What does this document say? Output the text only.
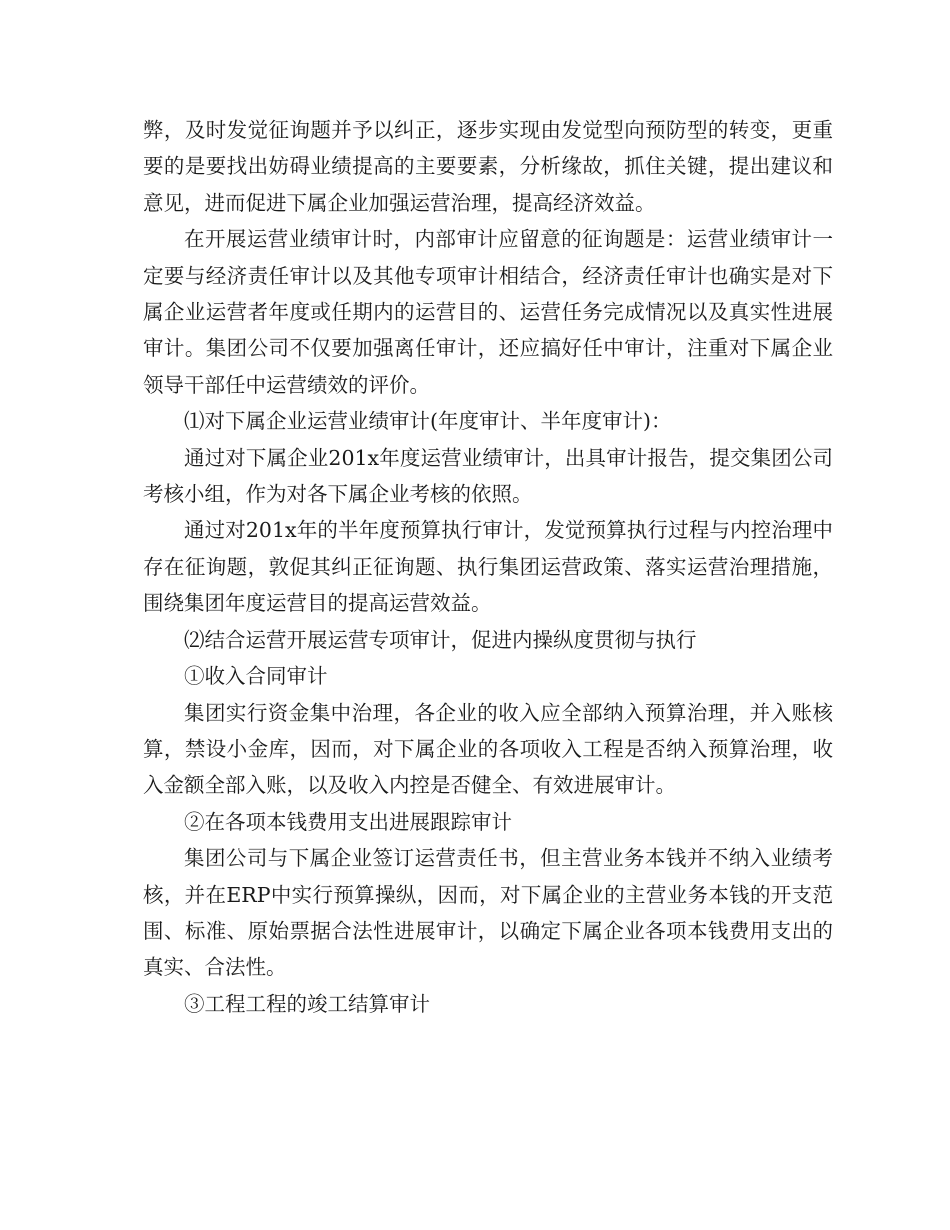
弊，及时发觉征询题并予以纠正，逐步实现由发觉型向预防型的转变，更重要的是要找出妨碍业绩提高的主要要素，分析缘故，抓住关键，提出建议和意见，进而促进下属企业加强运营治理，提高经济效益。

在开展运营业绩审计时，内部审计应留意的征询题是：运营业绩审计一定要与经济责任审计以及其他专项审计相结合，经济责任审计也确实是对下属企业运营者年度或任期内的运营目的、运营任务完成情况以及真实性进展审计。集团公司不仅要加强离任审计，还应搞好任中审计，注重对下属企业领导干部任中运营绩效的评价。

⑴对下属企业运营业绩审计(年度审计、半年度审计)：

通过对下属企业201x年度运营业绩审计，出具审计报告，提交集团公司考核小组，作为对各下属企业考核的依照。

通过对201x年的半年度预算执行审计，发觉预算执行过程与内控治理中存在征询题，敦促其纠正征询题、执行集团运营政策、落实运营治理措施，围绕集团年度运营目的提高运营效益。

⑵结合运营开展运营专项审计，促进内操纵度贯彻与执行

①收入合同审计

集团实行资金集中治理，各企业的收入应全部纳入预算治理，并入账核算，禁设小金库，因而，对下属企业的各项收入工程是否纳入预算治理，收入金额全部入账，以及收入内控是否健全、有效进展审计。

②在各项本钱费用支出进展跟踪审计

集团公司与下属企业签订运营责任书，但主营业务本钱并不纳入业绩考核，并在ERP中实行预算操纵，因而，对下属企业的主营业务本钱的开支范围、标准、原始票据合法性进展审计，以确定下属企业各项本钱费用支出的真实、合法性。

③工程工程的竣工结算审计
